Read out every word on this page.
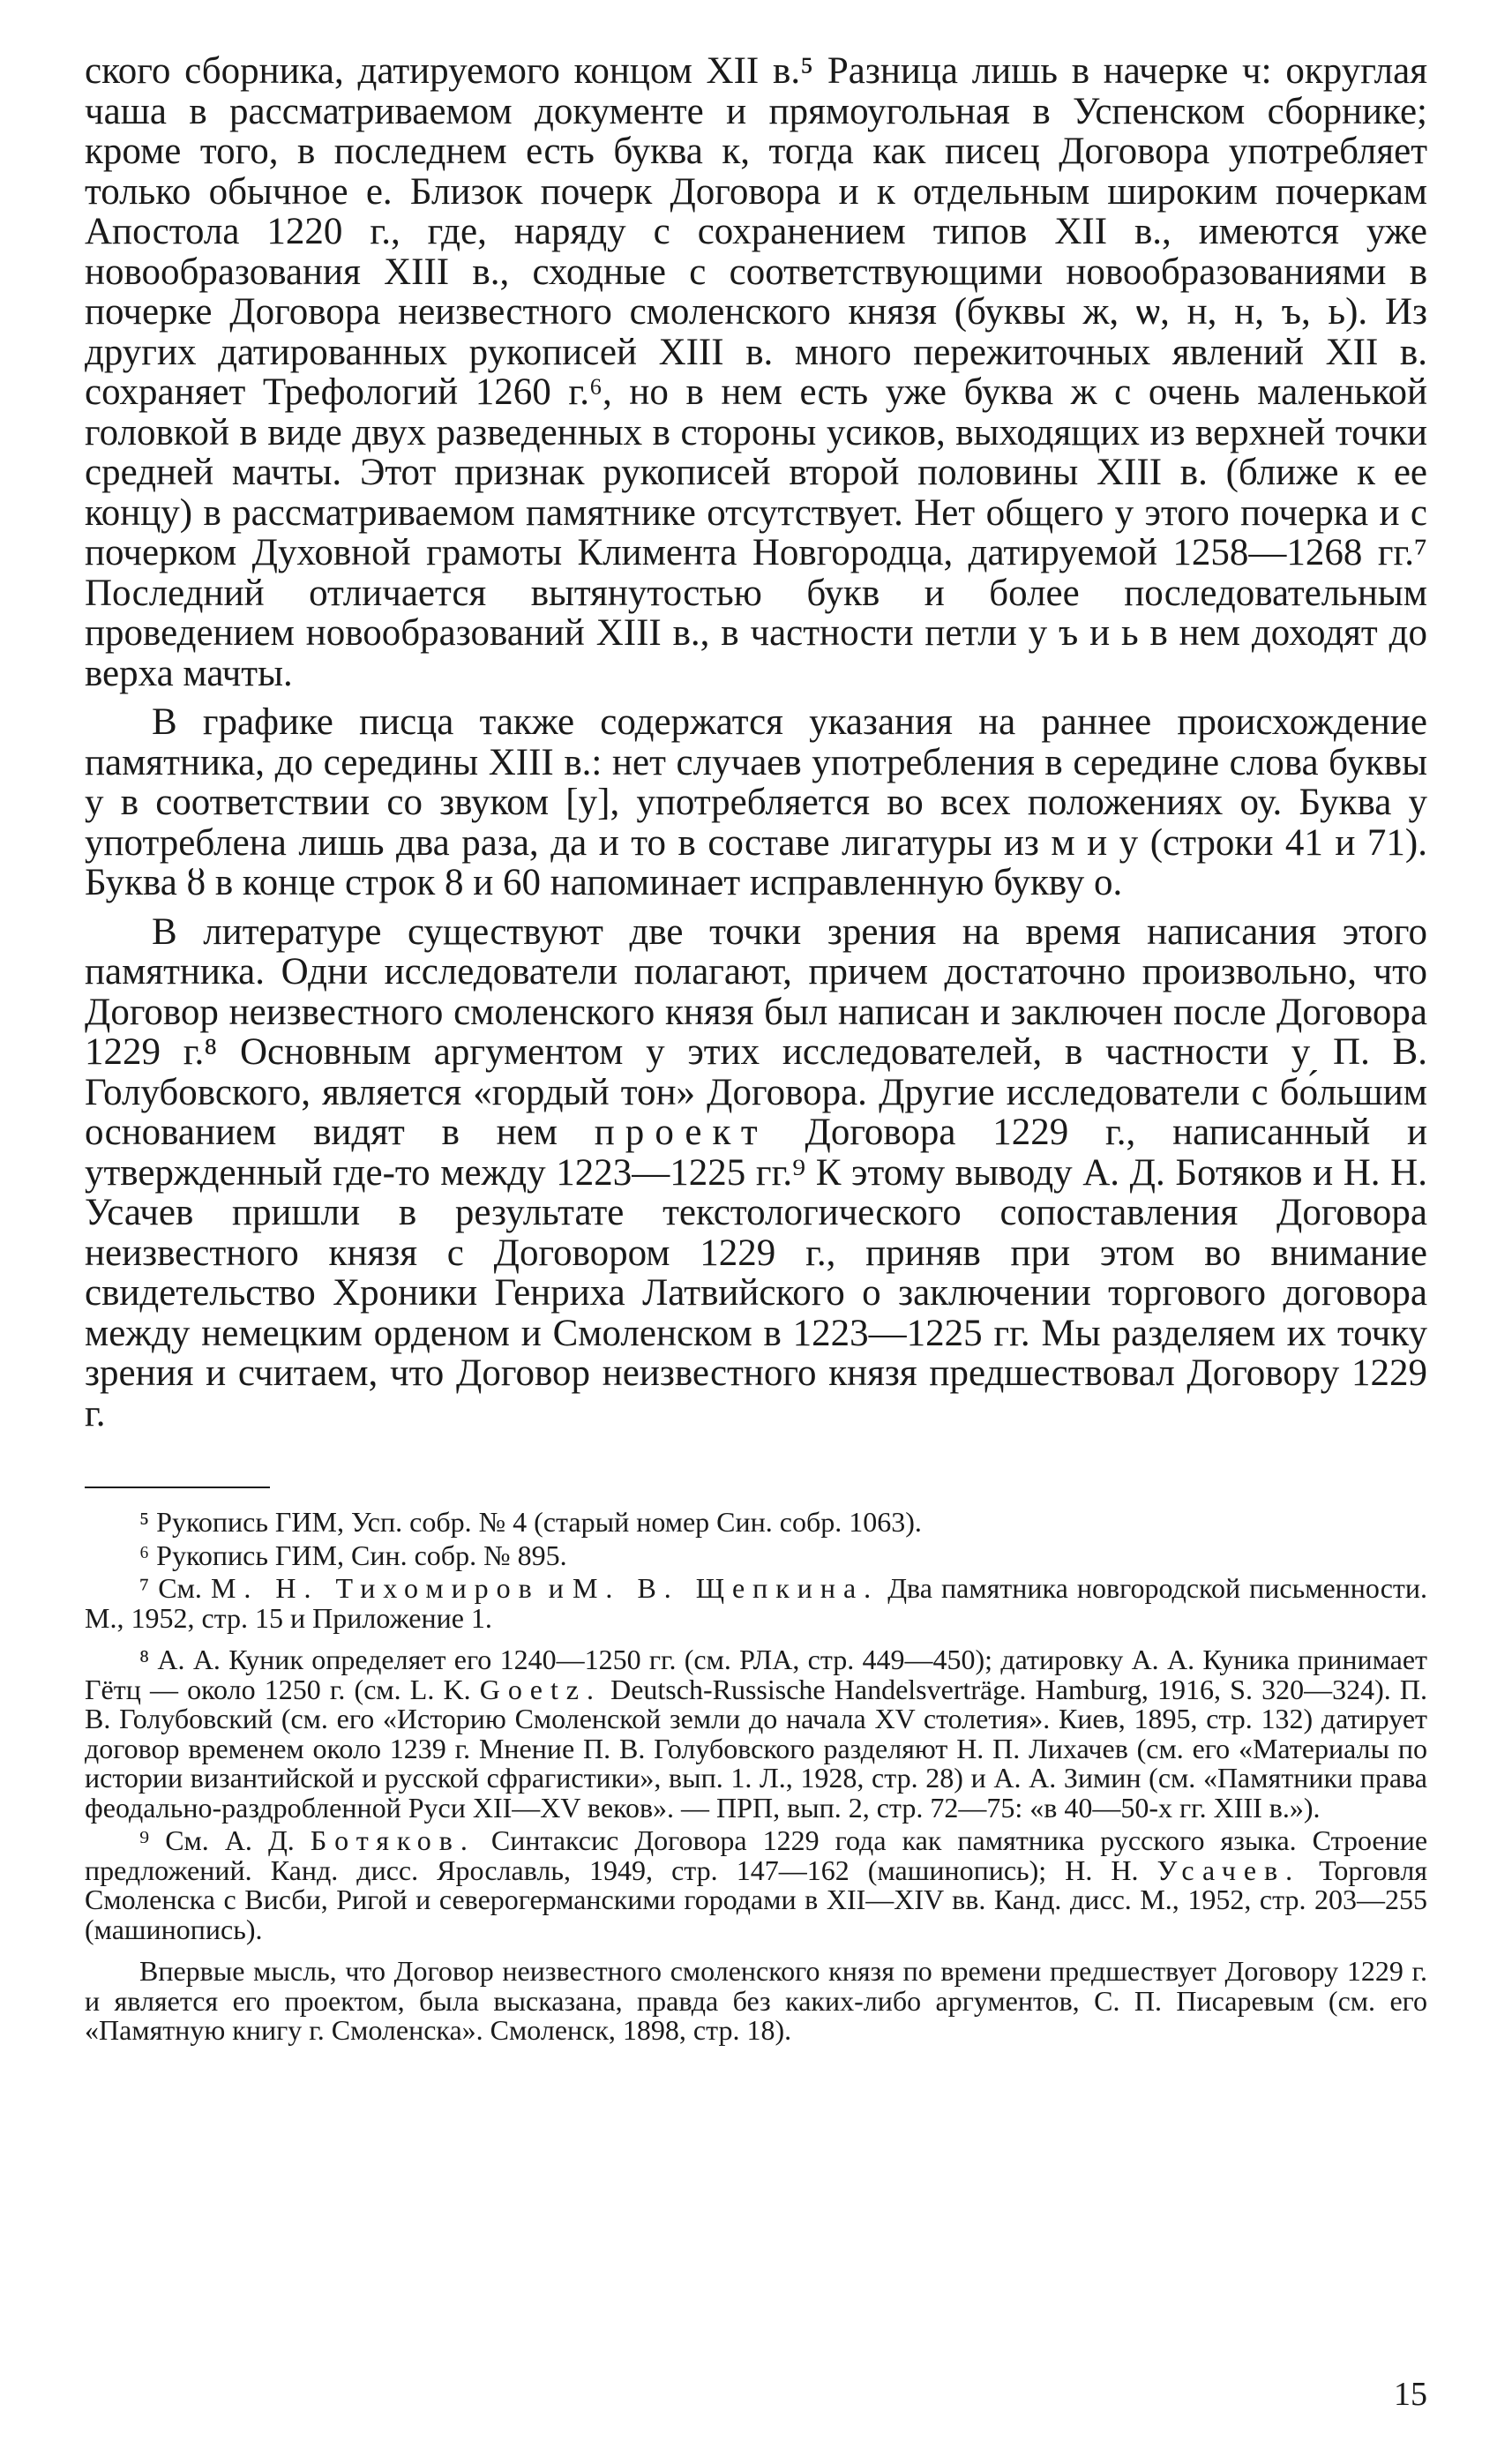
ского сборника, датируемого концом XII в.⁵ Разница лишь в начерке ч: округлая чаша в рассматриваемом документе и прямоугольная в Успенском сборнике; кроме того, в последнем есть буква к, тогда как писец Договора употребляет только обычное е. Близок почерк Договора и к отдельным широким почеркам Апостола 1220 г., где, наряду с сохранением типов XII в., имеются уже новообразования XIII в., сходные с соответствующими новообразованиями в почерке Договора неизвестного смоленского князя (буквы ж, ѡ, н, н, ъ, ь). Из других датированных рукописей XIII в. много пережиточных явлений XII в. сохраняет Трефологий 1260 г.⁶, но в нем есть уже буква ж с очень маленькой головкой в виде двух разведенных в стороны усиков, выходящих из верхней точки средней мачты. Этот признак рукописей второй половины XIII в. (ближе к ее концу) в рассматриваемом памятнике отсутствует. Нет общего у этого почерка и с почерком Духовной грамоты Климента Новгородца, датируемой 1258—1268 гг.⁷ Последний отличается вытянутостью букв и более последовательным проведением новообразований XIII в., в частности петли у ъ и ь в нем доходят до верха мачты.

В графике писца также содержатся указания на раннее происхождение памятника, до середины XIII в.: нет случаев употребления в середине слова буквы у в соответствии со звуком [у], употребляется во всех положениях оу. Буква у употреблена лишь два раза, да и то в составе лигатуры из м и у (строки 41 и 71). Буква ȣ в конце строк 8 и 60 напоминает исправленную букву о.

В литературе существуют две точки зрения на время написания этого памятника. Одни исследователи полагают, причем достаточно произвольно, что Договор неизвестного смоленского князя был написан и заключен после Договора 1229 г.⁸ Основным аргументом у этих исследователей, в частности у П. В. Голубовского, является «гордый тон» Договора. Другие исследователи с бо́льшим основанием видят в нем проект Договора 1229 г., написанный и утвержденный где-то между 1223—1225 гг.⁹ К этому выводу А. Д. Ботяков и Н. Н. Усачев пришли в результате текстологического сопоставления Договора неизвестного князя с Договором 1229 г., приняв при этом во внимание свидетельство Хроники Генриха Латвийского о заключении торгового договора между немецким орденом и Смоленском в 1223—1225 гг. Мы разделяем их точку зрения и считаем, что Договор неизвестного князя предшествовал Договору 1229 г.

⁵ Рукопись ГИМ, Усп. собр. № 4 (старый номер Син. собр. 1063).

⁶ Рукопись ГИМ, Син. собр. № 895.

⁷ См. М. Н. Тихомиров и М. В. Щепкина. Два памятника новгородской письменности. М., 1952, стр. 15 и Приложение 1.

⁸ А. А. Куник определяет его 1240—1250 гг. (см. РЛА, стр. 449—450); датировку А. А. Куника принимает Гётц — около 1250 г. (см. L. K. Goetz. Deutsch-Russische Handelsverträge. Hamburg, 1916, S. 320—324). П. В. Голубовский (см. его «Историю Смоленской земли до начала XV столетия». Киев, 1895, стр. 132) датирует договор временем около 1239 г. Мнение П. В. Голубовского разделяют Н. П. Лихачев (см. его «Материалы по истории византийской и русской сфрагистики», вып. 1. Л., 1928, стр. 28) и А. А. Зимин (см. «Памятники права феодально-раздробленной Руси XII—XV веков». — ПРП, вып. 2, стр. 72—75: «в 40—50-х гг. XIII в.»).

⁹ См. А. Д. Ботяков. Синтаксис Договора 1229 года как памятника русского языка. Строение предложений. Канд. дисс. Ярославль, 1949, стр. 147—162 (машинопись); Н. Н. Усачев. Торговля Смоленска с Висби, Ригой и северогерманскими городами в XII—XIV вв. Канд. дисс. М., 1952, стр. 203—255 (машинопись).

Впервые мысль, что Договор неизвестного смоленского князя по времени предшествует Договору 1229 г. и является его проектом, была высказана, правда без каких-либо аргументов, С. П. Писаревым (см. его «Памятную книгу г. Смоленска». Смоленск, 1898, стр. 18).

15
